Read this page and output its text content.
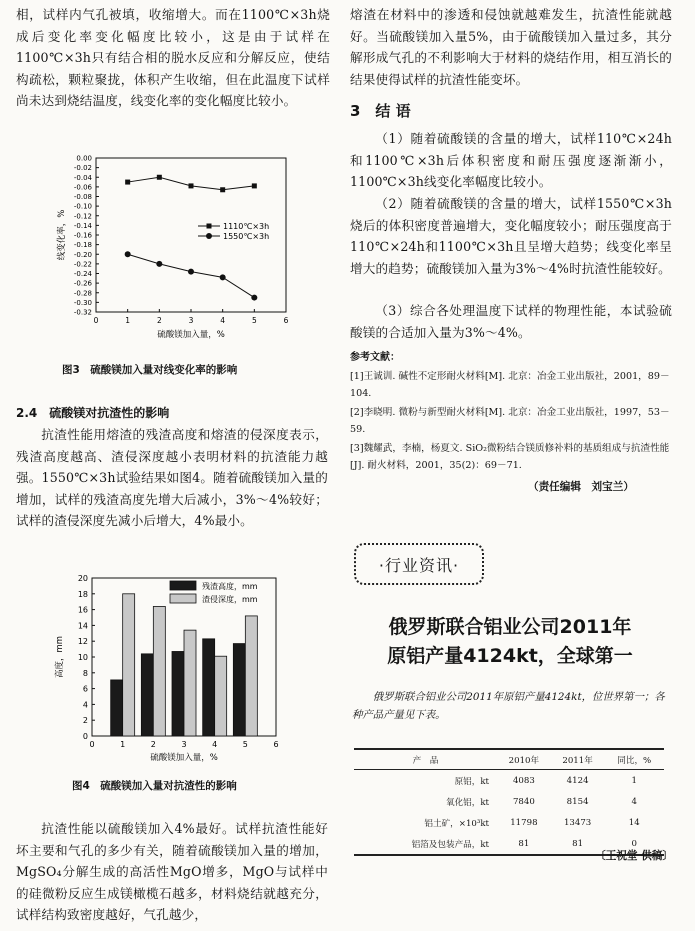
相，试样内气孔被填，收缩增大。而在1100℃×3h烧成后变化率变化幅度比较小，这是由于试样在1100℃×3h只有结合相的脱水反应和分解反应，使结构疏松，颗粒聚拢，体积产生收缩，但在此温度下试样尚未达到烧结温度，线变化率的变化幅度比较小。

0.00
-0.02
-0.04
-0.06
-0.08
-0.10
-0.12
-0.14
-0.16
-0.18
-0.20
-0.22
-0.24
-0.26
-0.28
-0.30
-0.32
0	1	2	3	4	5	6
硫酸镁加入量，%
线变化率，%	1110℃×3h
1550℃×3h
图3　硫酸镁加入量对线变化率的影响
2.4　硫酸镁对抗渣性的影响

抗渣性能用熔渣的残渣高度和熔渣的侵深度表示，残渣高度越高、渣侵深度越小表明材料的抗渣能力越强。1550℃×3h试验结果如图4。随着硫酸镁加入量的增加，试样的残渣高度先增大后减小，3%～4%较好；试样的渣侵深度先减小后增大，4%最小。

0
2
4
6
8
10
12
14
16
18
20
0	1	2	3	4	5	6
硫酸镁加入量，%
高度，mm
残渣高度，mm
渣侵深度，mm
图4　硫酸镁加入量对抗渣性的影响

抗渣性能以硫酸镁加入4%最好。试样抗渣性能好坏主要和气孔的多少有关，随着硫酸镁加入量的增加，MgSO₄分解生成的高活性MgO增多，MgO与试样中的硅微粉反应生成镁橄榄石越多，材料烧结就越充分，试样结构致密度越好，气孔越少，

熔渣在材料中的渗透和侵蚀就越难发生，抗渣性能就越好。当硫酸镁加入量5%，由于硫酸镁加入量过多，其分解形成气孔的不利影响大于材料的烧结作用，相互消长的结果使得试样的抗渣性能变坏。

3　结 语

（1）随着硫酸镁的含量的增大，试样110℃×24h和1100℃×3h后体积密度和耐压强度逐渐渐小，1100℃×3h线变化率幅度比较小。

（2）随着硫酸镁的含量的增大，试样1550℃×3h烧后的体积密度普遍增大，变化幅度较小；耐压强度高于110℃×24h和1100℃×3h且呈增大趋势；线变化率呈增大的趋势；硫酸镁加入量为3%～4%时抗渣性能较好。

（3）综合各处理温度下试样的物理性能，本试验硫酸镁的合适加入量为3%～4%。

参考文献：
[1]王诚训. 碱性不定形耐火材料[M]. 北京：冶金工业出版社，2001，89－104.
[2]李晓明. 微粉与新型耐火材料[M]. 北京：冶金工业出版社，1997，53－59.
[3]魏耀武，李楠，杨夏文. SiO₂微粉结合镁质修补料的基质组成与抗渣性能[J]. 耐火材料，2001，35(2)：69－71.
（责任编辑　刘宝兰）
·行业资讯·
俄罗斯联合铝业公司2011年
原铝产量4124kt，全球第一

俄罗斯联合铝业公司2011年原铝产量4124kt，位世界第一；各种产品产量见下表。

产　品	2010年	2011年	同比，%
原铝，kt	4083	4124	1
氧化铝，kt	7840	8154	4
铝土矿，×10³kt	11798	13473	14
铝箔及包装产品，kt	81	81	0
〔王祝堂 供稿〕
